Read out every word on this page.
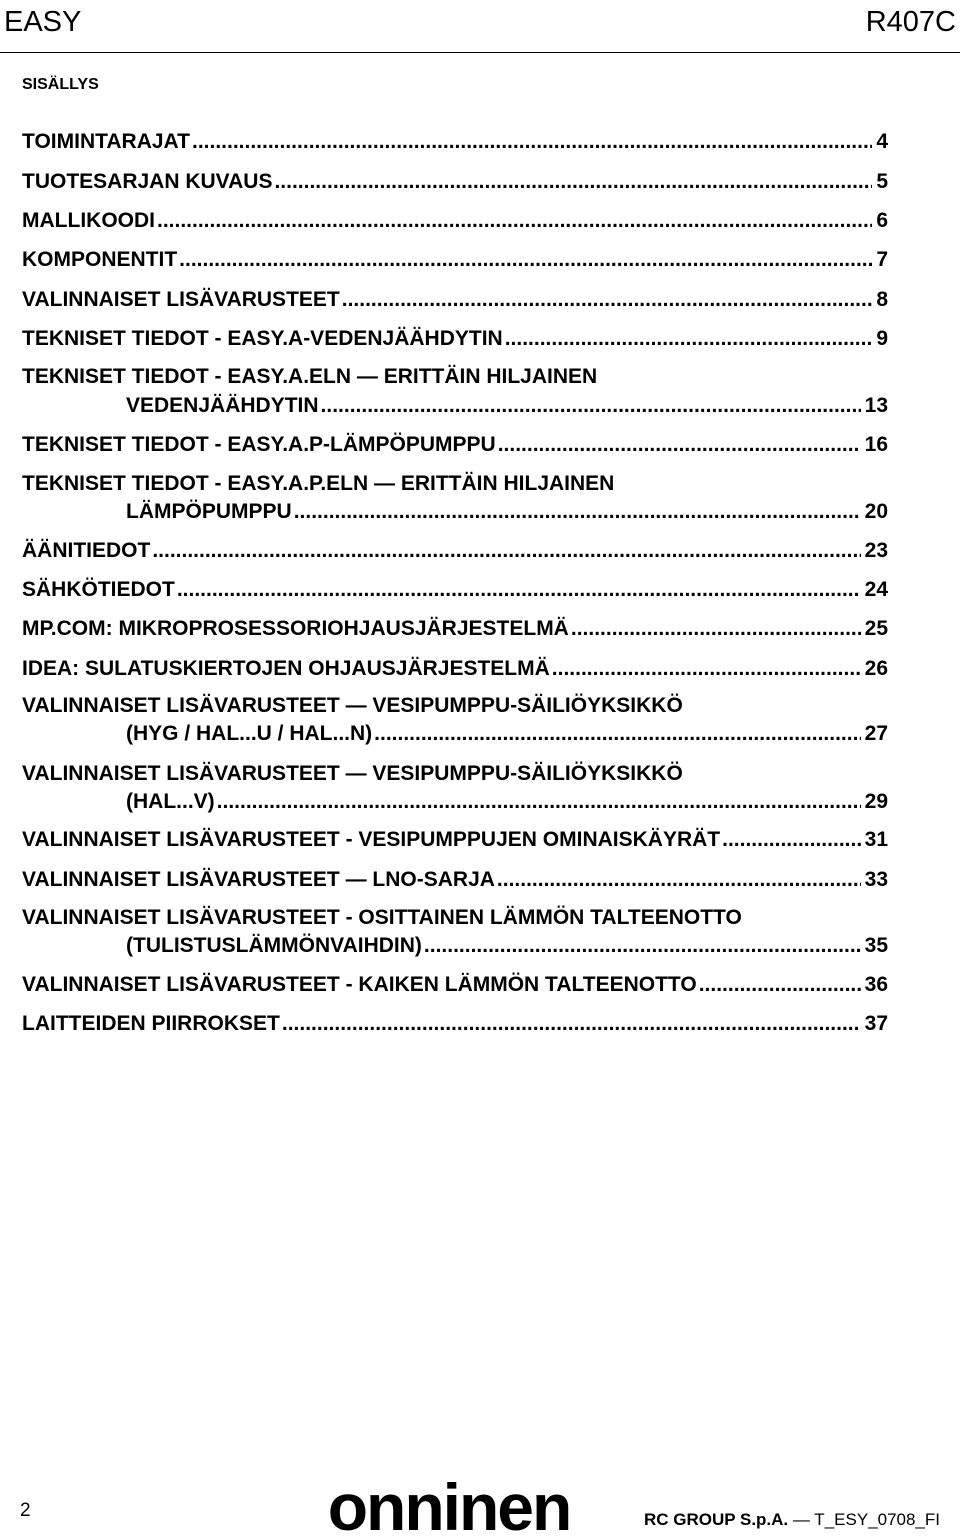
EASY	R407C
SISÄLLYS
TOIMINTARAJAT .....	4
TUOTESARJAN KUVAUS .....	5
MALLIKOODI .....	6
KOMPONENTIT .....	7
VALINNAISET LISÄVARUSTEET .....	8
TEKNISET TIEDOT - EASY.A-VEDENJÄÄHDYTIN .....	9
TEKNISET TIEDOT - EASY.A.ELN — ERITTÄIN HILJAINEN
VEDENJÄÄHDYTIN .....	13
TEKNISET TIEDOT - EASY.A.P-LÄMPÖPUMPPU .....	16
TEKNISET TIEDOT - EASY.A.P.ELN — ERITTÄIN HILJAINEN
LÄMPÖPUMPPU .....	20
ÄÄNITIEDOT .....	23
SÄHKÖTIEDOT .....	24
MP.COM: MIKROPROSESSORIOHJAUSJÄRJESTELMÄ .....	25
IDEA: SULATUSKIERTOJEN OHJAUSJÄRJESTELMÄ .....	26
VALINNAISET LISÄVARUSTEET — VESIPUMPPU-SÄILIÖYKSIKKÖ
(HYG / HAL...U / HAL...N) .....	27
VALINNAISET LISÄVARUSTEET — VESIPUMPPU-SÄILIÖYKSIKKÖ
(HAL...V) .....	29
VALINNAISET LISÄVARUSTEET - VESIPUMPPUJEN OMINAISKÄYRÄT .....	31
VALINNAISET LISÄVARUSTEET — LNO-SARJA .....	33
VALINNAISET LISÄVARUSTEET - OSITTAINEN LÄMMÖN TALTEENOTTO
(TULISTUSLÄMMÖNVAIHDIN) .....	35
VALINNAISET LISÄVARUSTEET - KAIKEN LÄMMÖN TALTEENOTTO .....	36
LAITTEIDEN PIIRROKSET .....	37
2	onninen	RC GROUP S.p.A. — T_ESY_0708_FI
